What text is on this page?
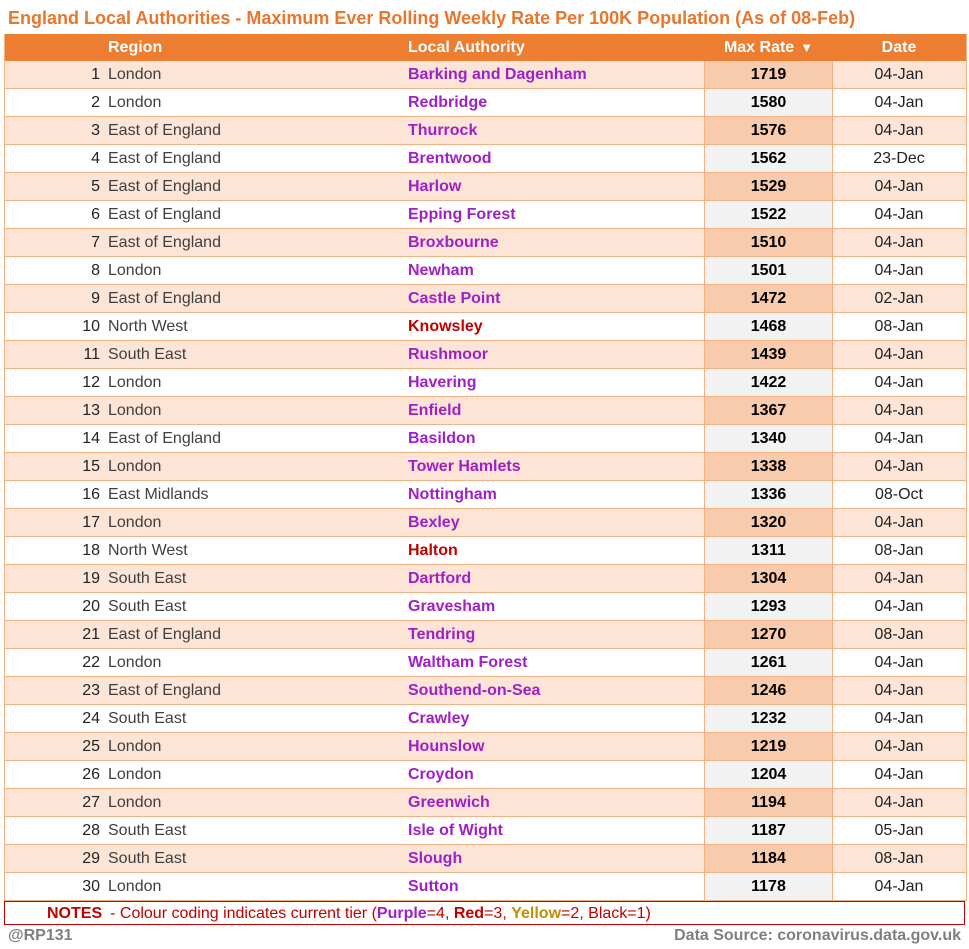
England Local Authorities - Maximum Ever Rolling Weekly Rate Per 100K Population (As of 08-Feb)
Region	Local Authority	Max Rate ▼	Date
1 London	Barking and Dagenham	1719	04-Jan
2 London	Redbridge	1580	04-Jan
3 East of England	Thurrock	1576	04-Jan
4 East of England	Brentwood	1562	23-Dec
5 East of England	Harlow	1529	04-Jan
6 East of England	Epping Forest	1522	04-Jan
7 East of England	Broxbourne	1510	04-Jan
8 London	Newham	1501	04-Jan
9 East of England	Castle Point	1472	02-Jan
10 North West	Knowsley	1468	08-Jan
11 South East	Rushmoor	1439	04-Jan
12 London	Havering	1422	04-Jan
13 London	Enfield	1367	04-Jan
14 East of England	Basildon	1340	04-Jan
15 London	Tower Hamlets	1338	04-Jan
16 East Midlands	Nottingham	1336	08-Oct
17 London	Bexley	1320	04-Jan
18 North West	Halton	1311	08-Jan
19 South East	Dartford	1304	04-Jan
20 South East	Gravesham	1293	04-Jan
21 East of England	Tendring	1270	08-Jan
22 London	Waltham Forest	1261	04-Jan
23 East of England	Southend-on-Sea	1246	04-Jan
24 South East	Crawley	1232	04-Jan
25 London	Hounslow	1219	04-Jan
26 London	Croydon	1204	04-Jan
27 London	Greenwich	1194	04-Jan
28 South East	Isle of Wight	1187	05-Jan
29 South East	Slough	1184	08-Jan
30 London	Sutton	1178	04-Jan
NOTES - Colour coding indicates current tier (Purple=4, Red=3, Yellow=2, Black=1)
@RP131	Data Source: coronavirus.data.gov.uk
